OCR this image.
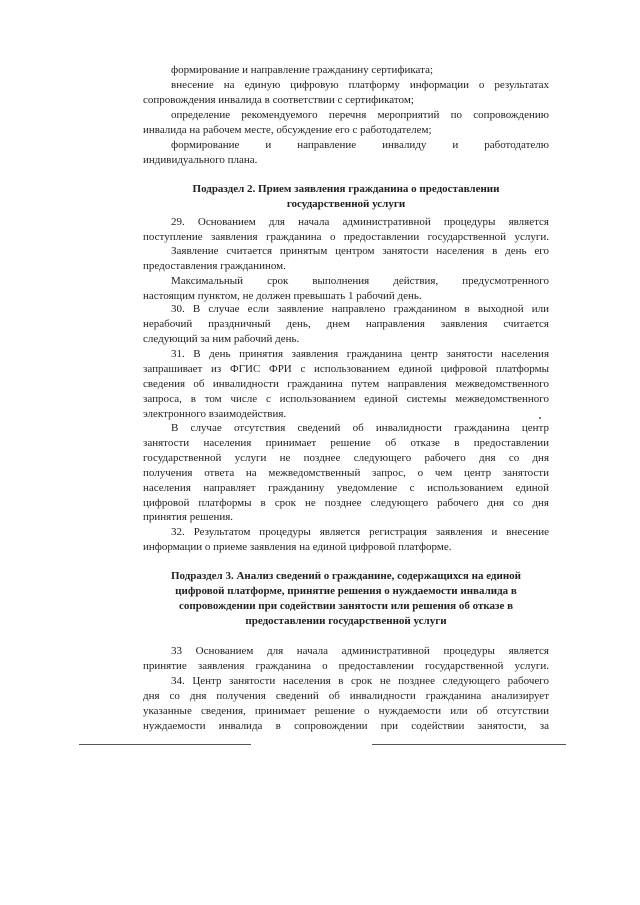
формирование и направление гражданину сертификата;
внесение на единую цифровую платформу информации о результатах
сопровождения инвалида в соответствии с сертификатом;
определение рекомендуемого перечня мероприятий по сопровождению
инвалида на рабочем месте, обсуждение его с работодателем;
формирование и направление инвалиду и работодателю
индивидуального плана.
Подраздел 2. Прием заявления гражданина о предоставлении
государственной услуги
29. Основанием для начала административной процедуры является
поступление заявления гражданина о предоставлении государственной услуги.
Заявление считается принятым центром занятости населения в день его
предоставления гражданином.
Максимальный срок выполнения действия, предусмотренного
настоящим пунктом, не должен превышать 1 рабочий день.
30. В случае если заявление направлено гражданином в выходной или
нерабочий праздничный день, днем направления заявления считается
следующий за ним рабочий день.
31. В день принятия заявления гражданина центр занятости населения
запрашивает из ФГИС ФРИ с использованием единой цифровой платформы
сведения об инвалидности гражданина путем направления межведомственного
запроса, в том числе с использованием единой системы межведомственного
электронного взаимодействия.
В случае отсутствия сведений об инвалидности гражданина центр
занятости населения принимает решение об отказе в предоставлении
государственной услуги не позднее следующего рабочего дня со дня
получения ответа на межведомственный запрос, о чем центр занятости
населения направляет гражданину уведомление с использованием единой
цифровой платформы в срок не позднее следующего рабочего дня со дня
принятия решения.
32. Результатом процедуры является регистрация заявления и внесение
информации о приеме заявления на единой цифровой платформе.
Подраздел 3. Анализ сведений о гражданине, содержащихся на единой
цифровой платформе, принятие решения о нуждаемости инвалида в
сопровождении при содействии занятости или решения об отказе в
предоставлении государственной услуги
33 Основанием для начала административной процедуры является
принятие заявления гражданина о предоставлении государственной услуги.
34. Центр занятости населения в срок не позднее следующего рабочего
дня со дня получения сведений об инвалидности гражданина анализирует
указанные сведения, принимает решение о нуждаемости или об отсутствии
нуждаемости инвалида в сопровождении при содействии занятости, за
